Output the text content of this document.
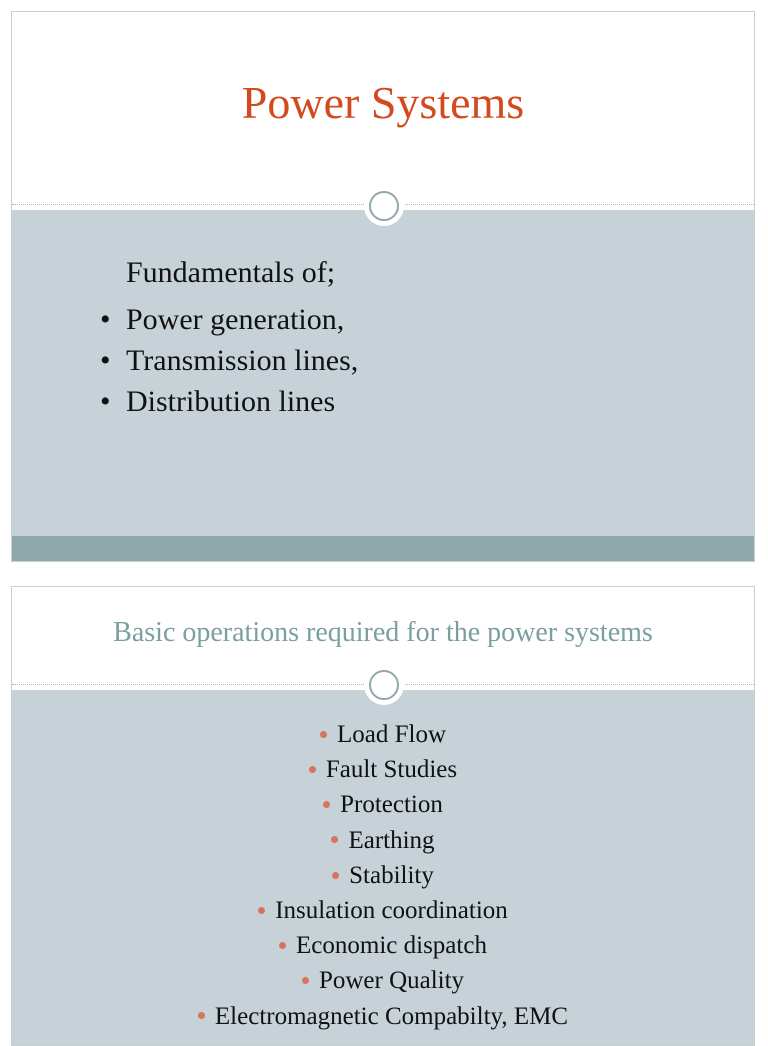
Power Systems
Fundamentals of;
• Power generation,
• Transmission lines,
• Distribution lines
Basic operations required for the power systems
Load Flow
Fault Studies
Protection
Earthing
Stability
Insulation coordination
Economic dispatch
Power Quality
Electromagnetic Compabilty, EMC
